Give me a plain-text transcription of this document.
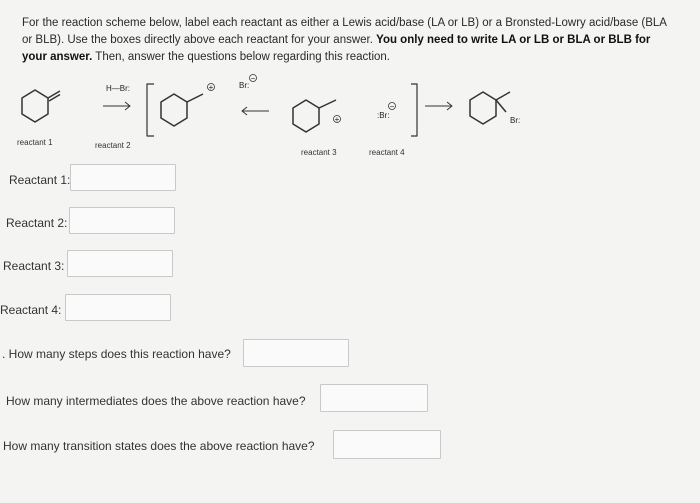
For the reaction scheme below, label each reactant as either a Lewis acid/base (LA or LB) or a Bronsted-Lowry acid/base (BLA or BLB). Use the boxes directly above each reactant for your answer. You only need to write LA or LB or BLA or BLB for your answer. Then, answer the questions below regarding this reaction.
+
−
+
−
H—Br:	Br:
:Br:
Br:
reactant 1	reactant 2
reactant 3	reactant 4
Reactant 1:
Reactant 2:
Reactant 3:
Reactant 4:
. How many steps does this reaction have?
How many intermediates does the above reaction have?
How many transition states does the above reaction have?
